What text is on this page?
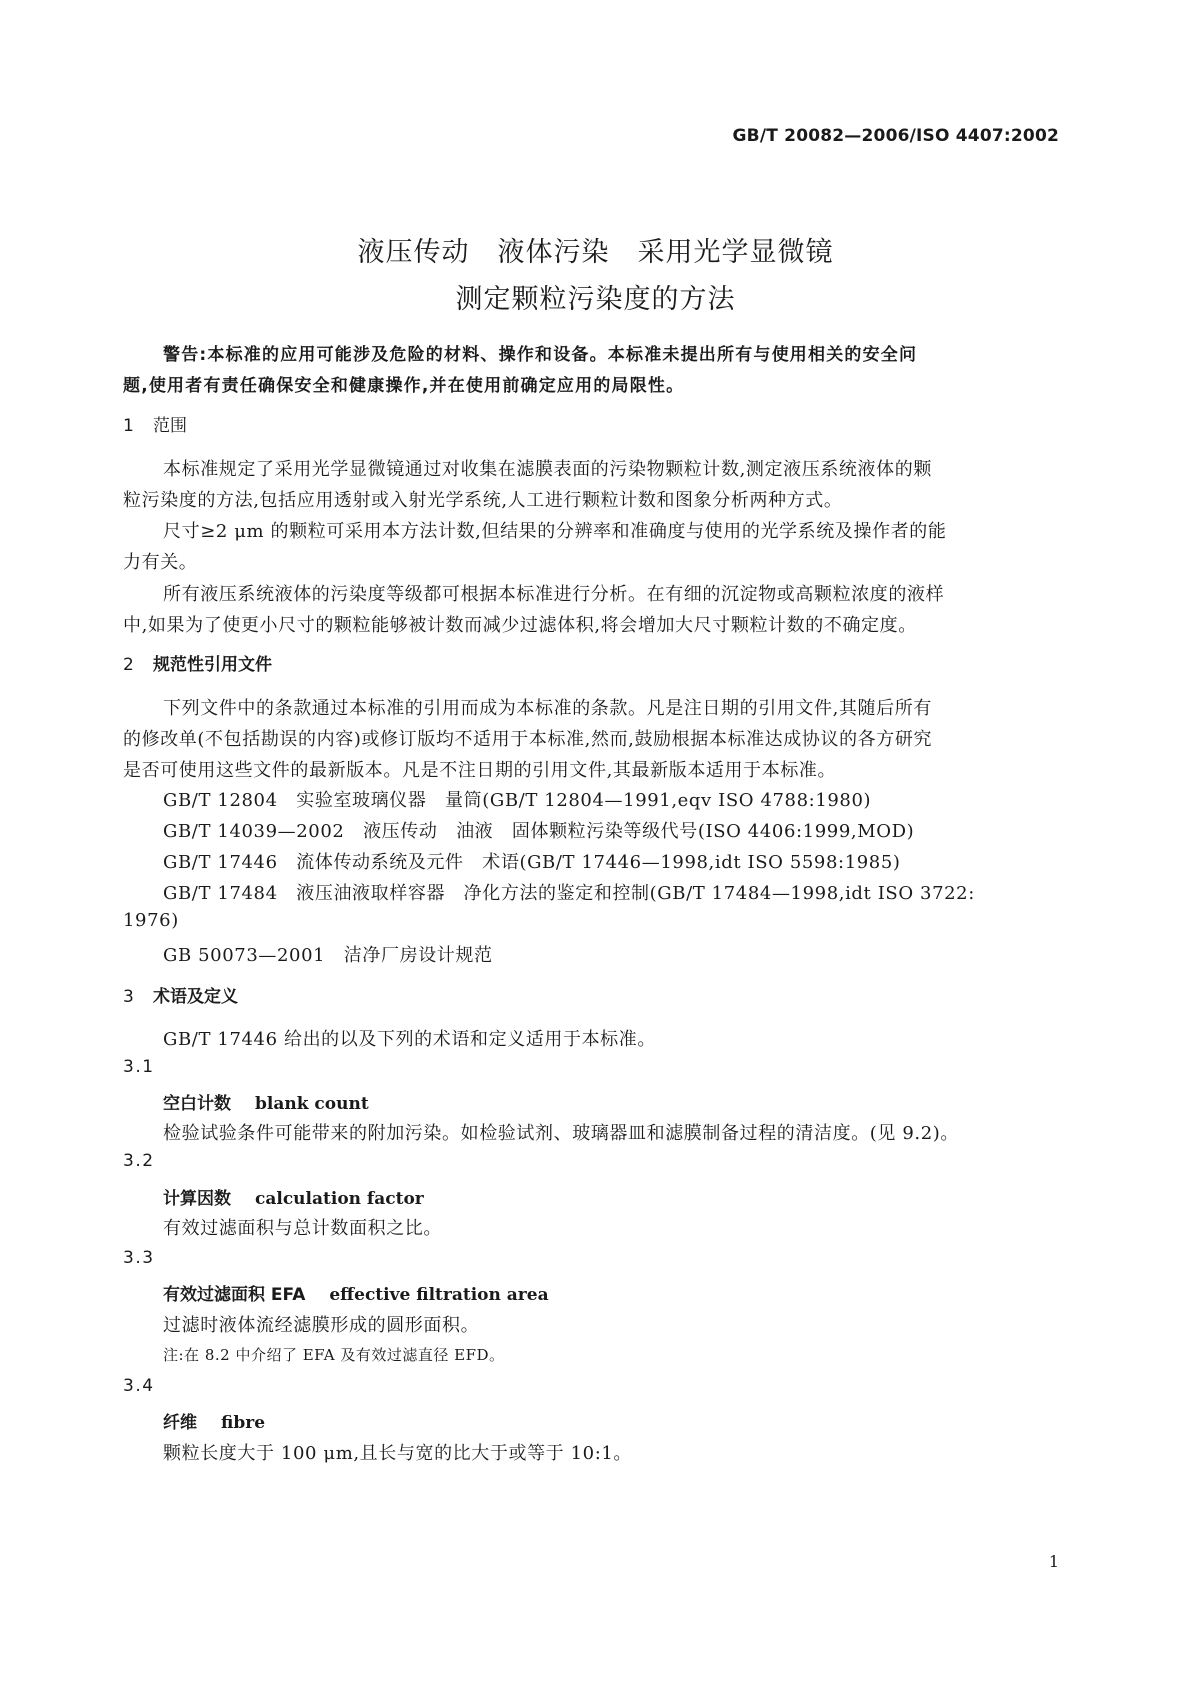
GB/T 20082—2006/ISO 4407:2002
液压传动　液体污染　采用光学显微镜
测定颗粒污染度的方法
警告:本标准的应用可能涉及危险的材料、操作和设备。本标准未提出所有与使用相关的安全问
题,使用者有责任确保安全和健康操作,并在使用前确定应用的局限性。
1 范围
本标准规定了采用光学显微镜通过对收集在滤膜表面的污染物颗粒计数,测定液压系统液体的颗
粒污染度的方法,包括应用透射或入射光学系统,人工进行颗粒计数和图象分析两种方式。
尺寸≥2 μm 的颗粒可采用本方法计数,但结果的分辨率和准确度与使用的光学系统及操作者的能
力有关。
所有液压系统液体的污染度等级都可根据本标准进行分析。在有细的沉淀物或高颗粒浓度的液样
中,如果为了使更小尺寸的颗粒能够被计数而减少过滤体积,将会增加大尺寸颗粒计数的不确定度。
2 规范性引用文件
下列文件中的条款通过本标准的引用而成为本标准的条款。凡是注日期的引用文件,其随后所有
的修改单(不包括勘误的内容)或修订版均不适用于本标准,然而,鼓励根据本标准达成协议的各方研究
是否可使用这些文件的最新版本。凡是不注日期的引用文件,其最新版本适用于本标准。
GB/T 12804　实验室玻璃仪器　量筒(GB/T 12804—1991,eqv ISO 4788:1980)
GB/T 14039—2002　液压传动　油液　固体颗粒污染等级代号(ISO 4406:1999,MOD)
GB/T 17446　流体传动系统及元件　术语(GB/T 17446—1998,idt ISO 5598:1985)
GB/T 17484　液压油液取样容器　净化方法的鉴定和控制(GB/T 17484—1998,idt ISO 3722:
1976)
GB 50073—2001　洁净厂房设计规范
3 术语及定义
GB/T 17446 给出的以及下列的术语和定义适用于本标准。
3.1
空白计数 blank count
检验试验条件可能带来的附加污染。如检验试剂、玻璃器皿和滤膜制备过程的清洁度。(见 9.2)。
3.2
计算因数 calculation factor
有效过滤面积与总计数面积之比。
3.3
有效过滤面积 EFA effective filtration area
过滤时液体流经滤膜形成的圆形面积。
注:在 8.2 中介绍了 EFA 及有效过滤直径 EFD。
3.4
纤维 fibre
颗粒长度大于 100 μm,且长与宽的比大于或等于 10:1。
1
